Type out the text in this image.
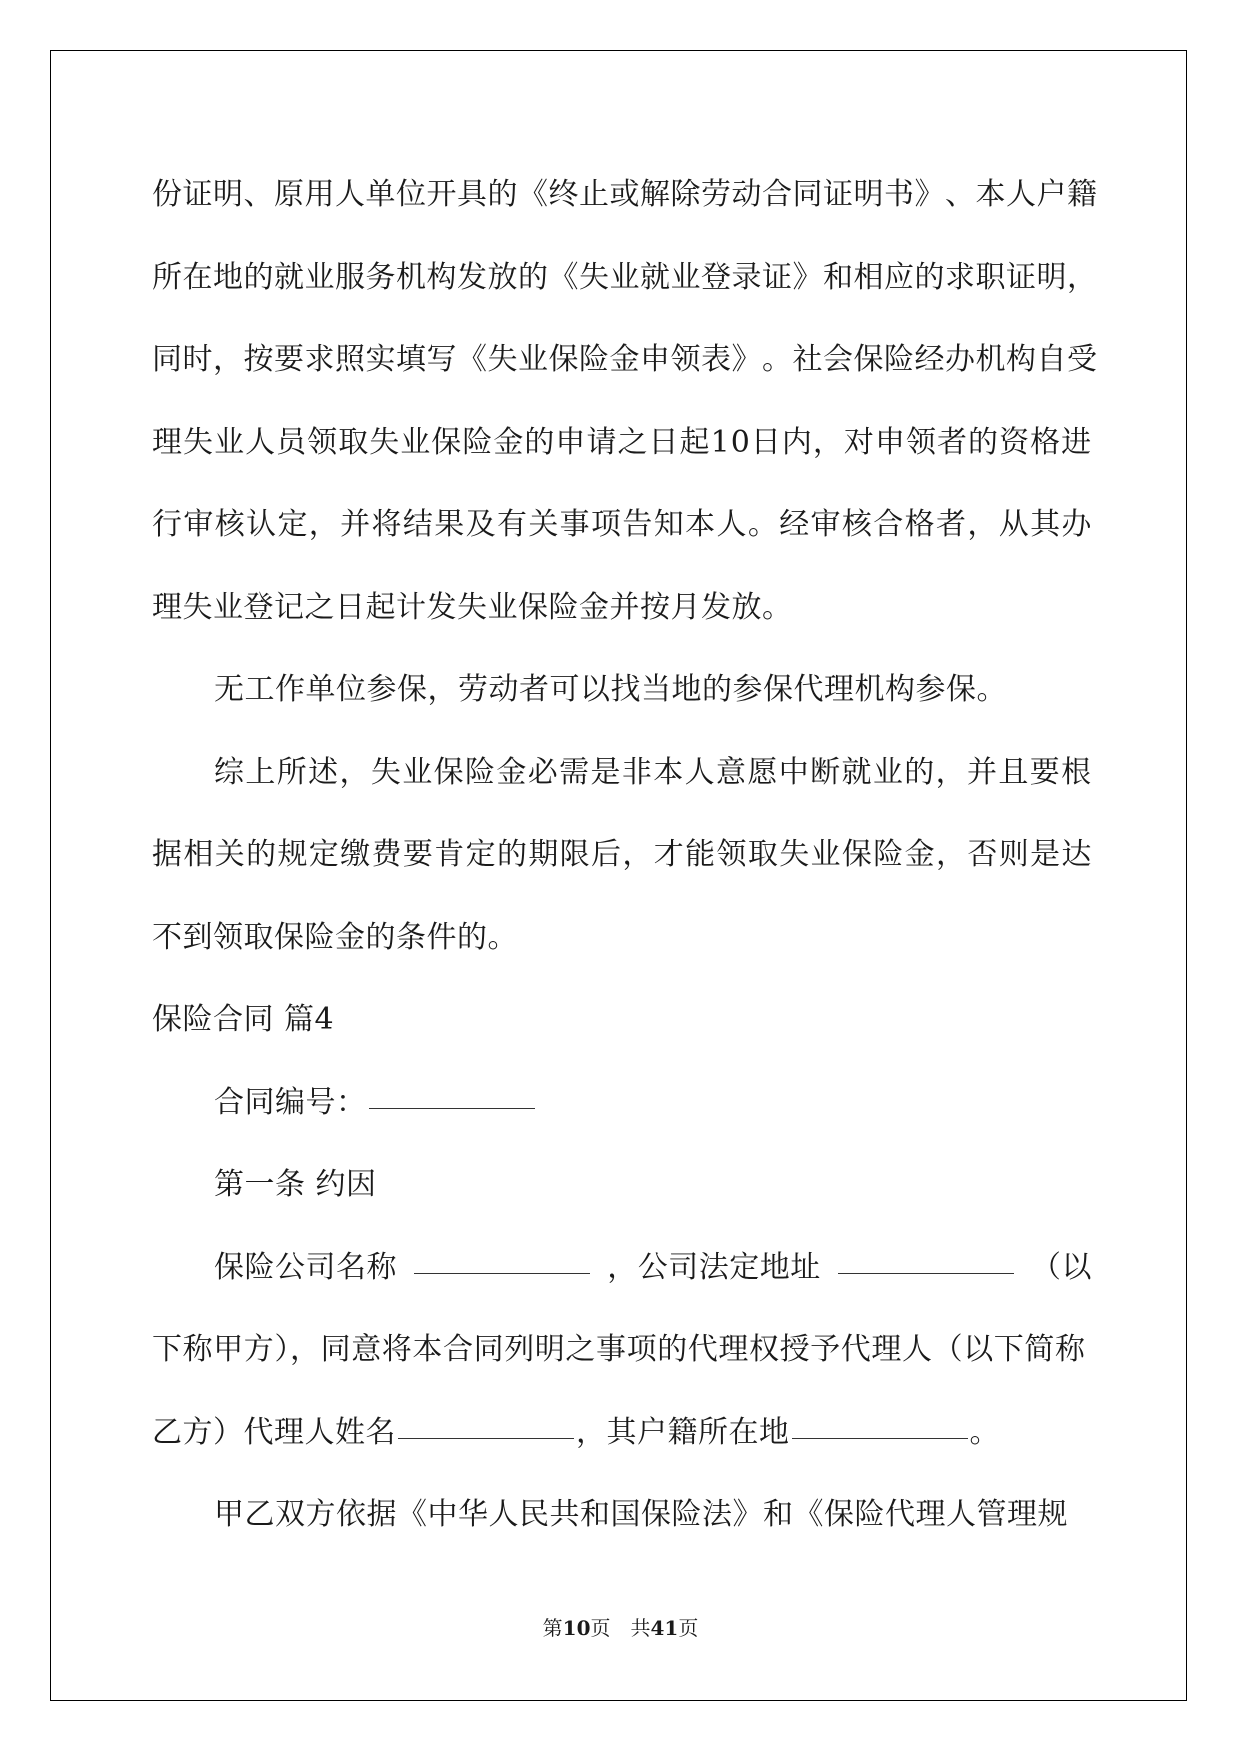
份 证 明 、 原 用 人 单 位 开 具 的 《 终 止 或 解 除 劳 动 合 同 证 明 书 》 、 本 人 户 籍
所 在 地 的 就 业 服 务 机 构 发 放 的 《 失 业 就 业 登 录 证 》 和 相 应 的 求 职 证 明 ，
同 时 ， 按 要 求 照 实 填 写 《 失 业 保 险 金 申 领 表 》 。 社 会 保 险 经 办 机 构 自 受
理 失 业 人 员 领 取 失 业 保 险 金 的 申 请 之 日 起 1 0 日 内 ， 对 申 领 者 的 资 格 进
行 审 核 认 定 ， 并 将 结 果 及 有 关 事 项 告 知 本 人 。 经 审 核 合 格 者 ， 从 其 办
理失业登记之日起计发失业保险金并按月发放。
无工作单位参保，劳动者可以找当地的参保代理机构参保。
综 上 所 述 ， 失 业 保 险 金 必 需 是 非 本 人 意 愿 中 断 就 业 的 ， 并 且 要 根
据 相 关 的 规 定 缴 费 要 肯 定 的 期 限 后 ， 才 能 领 取 失 业 保 险 金 ， 否 则 是 达
不到领取保险金的条件的。
保险合同 篇4
合同编号：
第一条 约因
保险公司名称	，公司法定地址	（以
下称甲方），同意将本合同列明之事项的代理权授予代理人（以下简称
乙方）代理人姓名	，其户籍所在地	。
甲乙双方依据《中华人民共和国保险法》和《保险代理人管理规
第10页　共41页
